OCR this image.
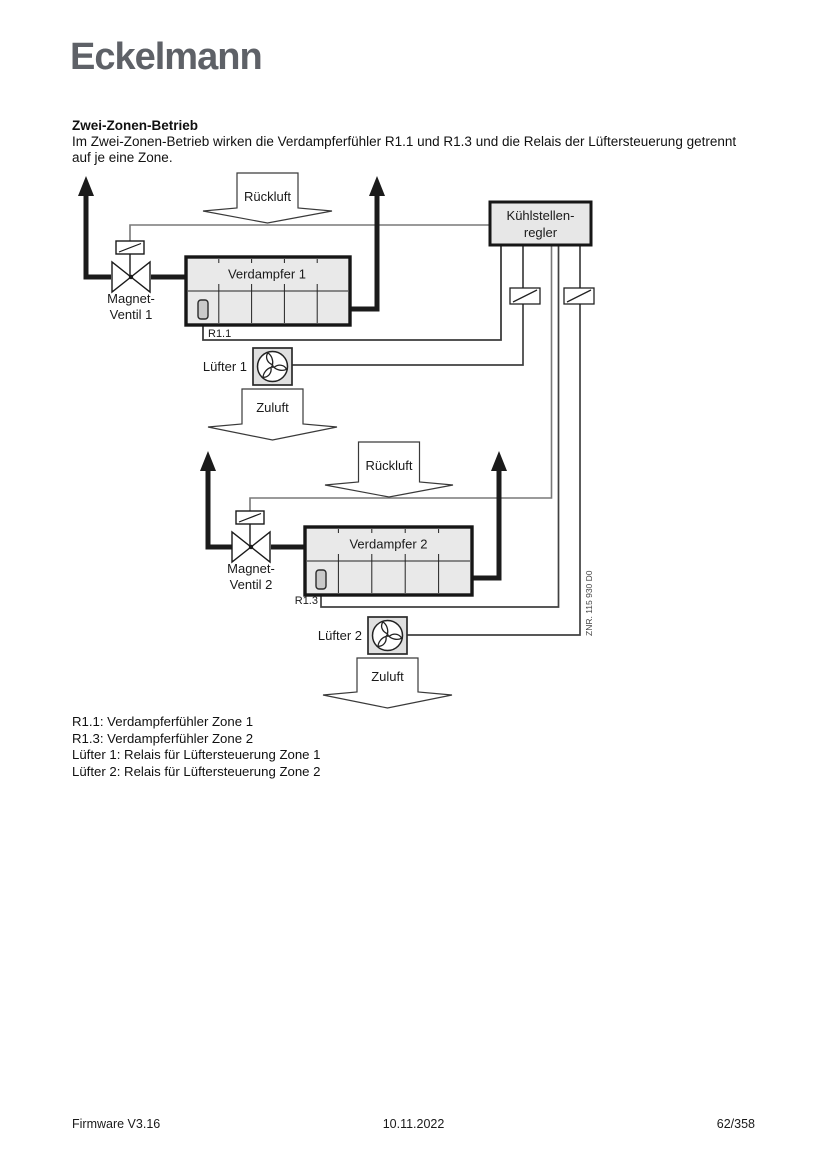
Eckelmann
Zwei-Zonen-Betrieb
Im Zwei-Zonen-Betrieb wirken die Verdampferfühler R1.1 und R1.3 und die Relais der Lüftersteuerung getrennt
auf je eine Zone.
Rückluft
Zuluft
Rückluft
Zuluft
Kühlstellen-
regler
Magnet-
Ventil 1
Verdampfer 1
R1.1
Lüfter 1
Magnet-
Ventil 2
Verdampfer 2
R1.3
Lüfter 2	ZNR. 115 930 D0
R1.1: Verdampferfühler Zone 1
R1.3: Verdampferfühler Zone 2
Lüfter 1: Relais für Lüftersteuerung Zone 1
Lüfter 2: Relais für Lüftersteuerung Zone 2
Firmware V3.16	10.11.2022	62/358
